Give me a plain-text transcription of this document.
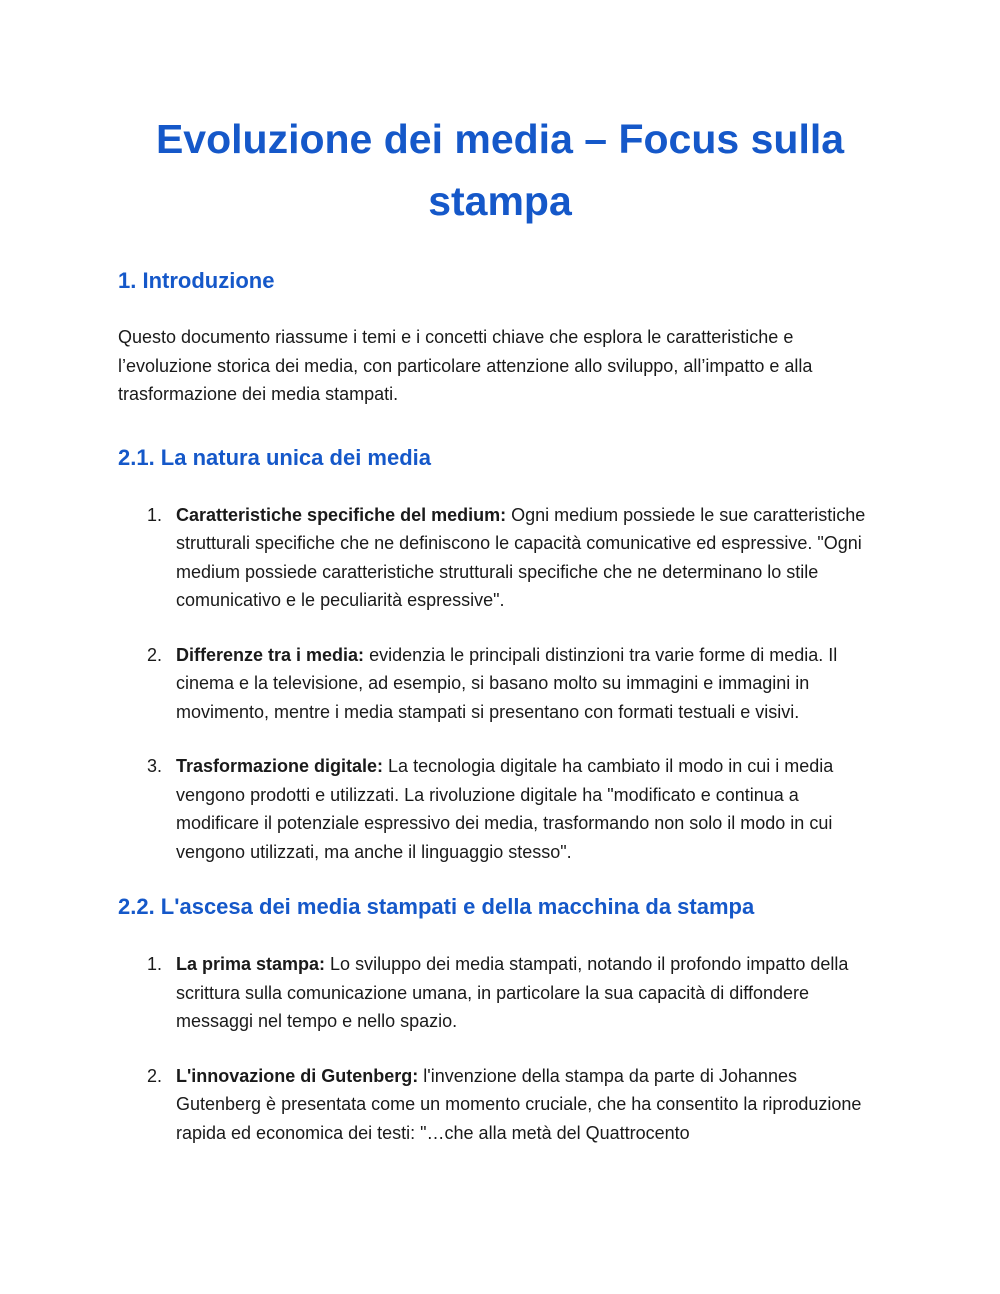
Evoluzione dei media – Focus sulla stampa
1. Introduzione

Questo documento riassume i temi e i concetti chiave che esplora le caratteristiche e l’evoluzione storica dei media, con particolare attenzione allo sviluppo, all’impatto e alla trasformazione dei media stampati.

2.1. La natura unica dei media
1. Caratteristiche specifiche del medium: Ogni medium possiede le sue caratteristiche strutturali specifiche che ne definiscono le capacità comunicative ed espressive. "Ogni medium possiede caratteristiche strutturali specifiche che ne determinano lo stile comunicativo e le peculiarità espressive".
2. Differenze tra i media: evidenzia le principali distinzioni tra varie forme di media. Il cinema e la televisione, ad esempio, si basano molto su immagini e immagini in movimento, mentre i media stampati si presentano con formati testuali e visivi.
3. Trasformazione digitale: La tecnologia digitale ha cambiato il modo in cui i media vengono prodotti e utilizzati. La rivoluzione digitale ha "modificato e continua a modificare il potenziale espressivo dei media, trasformando non solo il modo in cui vengono utilizzati, ma anche il linguaggio stesso".
2.2. L'ascesa dei media stampati e della macchina da stampa
1. La prima stampa: Lo sviluppo dei media stampati, notando il profondo impatto della scrittura sulla comunicazione umana, in particolare la sua capacità di diffondere messaggi nel tempo e nello spazio.
2. L'innovazione di Gutenberg: l'invenzione della stampa da parte di Johannes Gutenberg è presentata come un momento cruciale, che ha consentito la riproduzione rapida ed economica dei testi: "…che alla metà del Quattrocento
